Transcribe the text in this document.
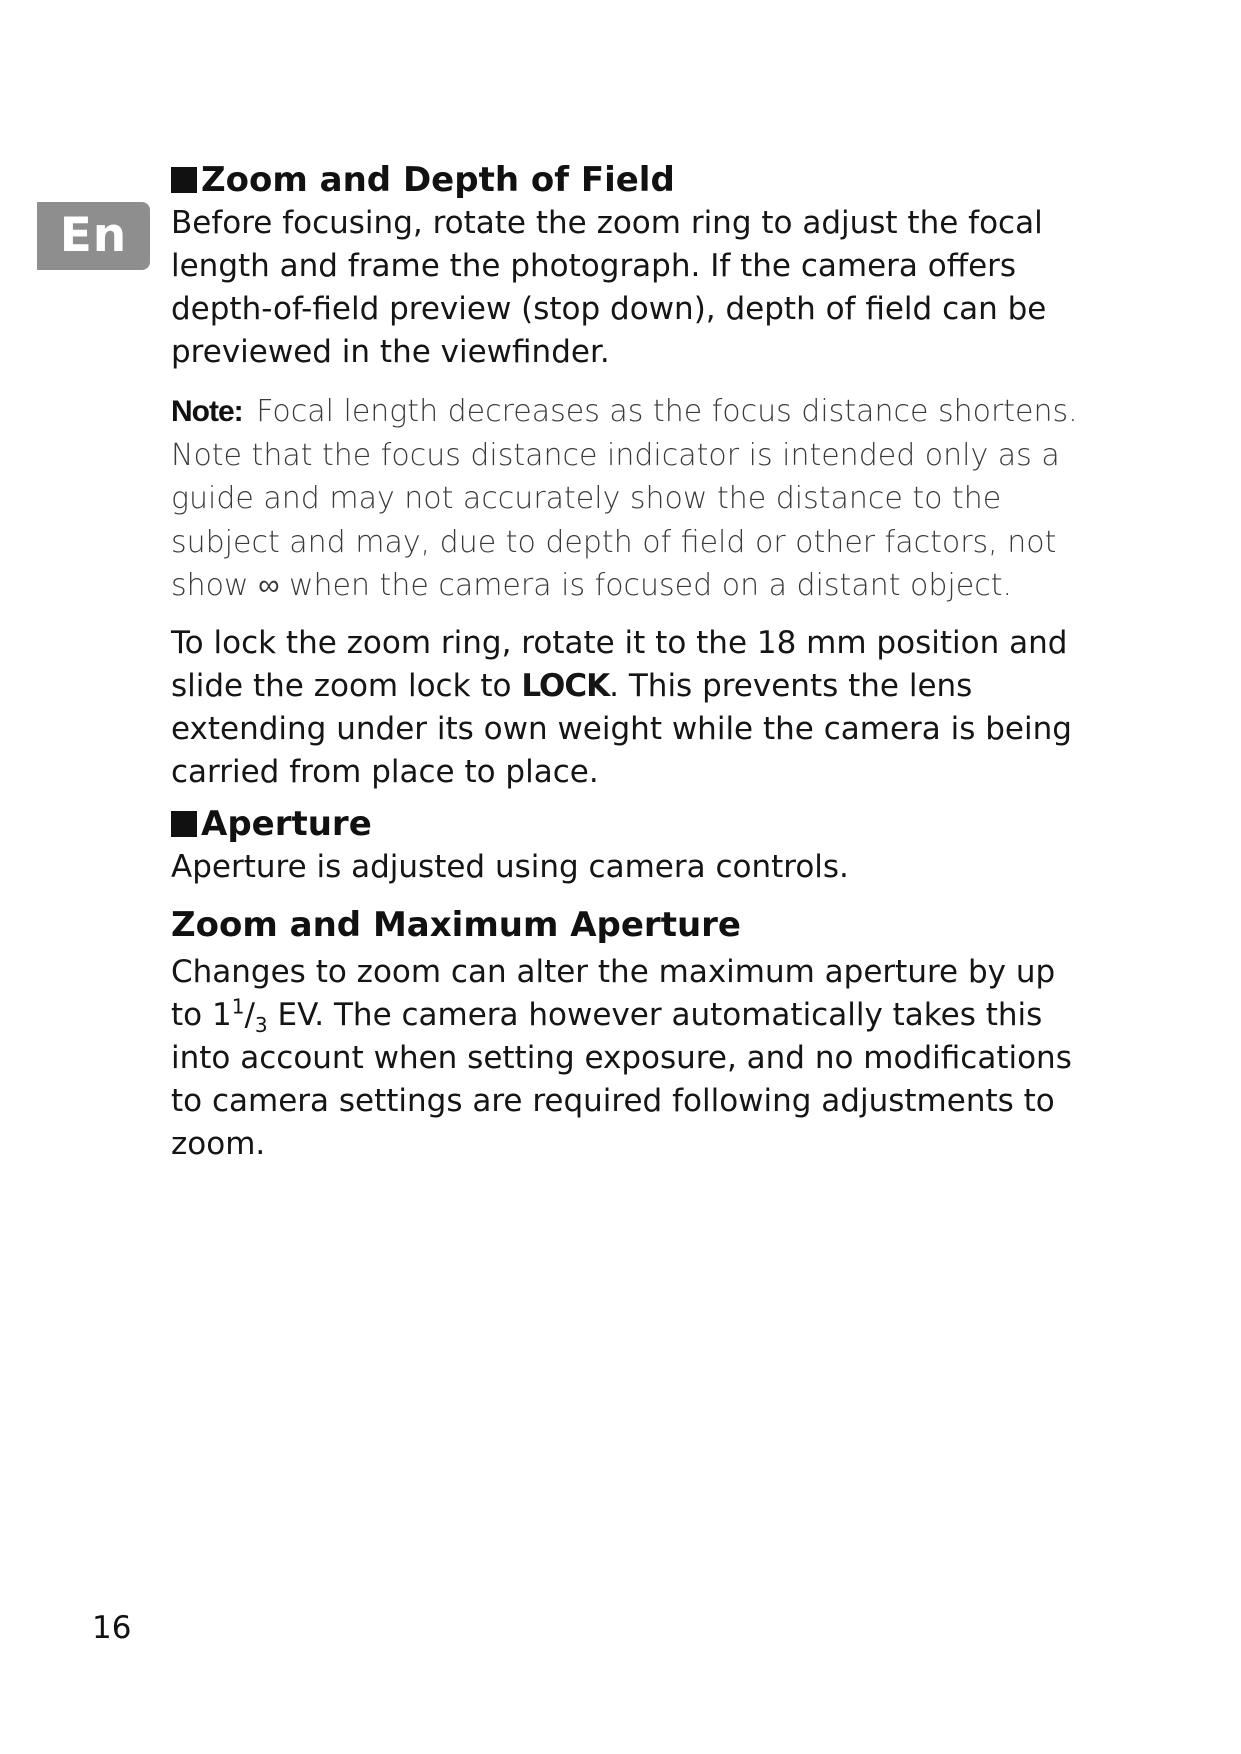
En
Zoom and Depth of Field

Before focusing, rotate the zoom ring to adjust the focal length and frame the photograph. If the camera offers depth-of-field preview (stop down), depth of field can be previewed in the viewfinder.

Note: Focal length decreases as the focus distance shortens. Note that the focus distance indicator is intended only as a guide and may not accurately show the distance to the subject and may, due to depth of field or other factors, not show ∞ when the camera is focused on a distant object.

To lock the zoom ring, rotate it to the 18 mm position and slide the zoom lock to LOCK. This prevents the lens extending under its own weight while the camera is being carried from place to place.

Aperture

Aperture is adjusted using camera controls.

Zoom and Maximum Aperture

Changes to zoom can alter the maximum aperture by up to $1^1/_3$ EV. The camera however automatically takes this into account when setting exposure, and no modifications to camera settings are required following adjustments to zoom.

16
